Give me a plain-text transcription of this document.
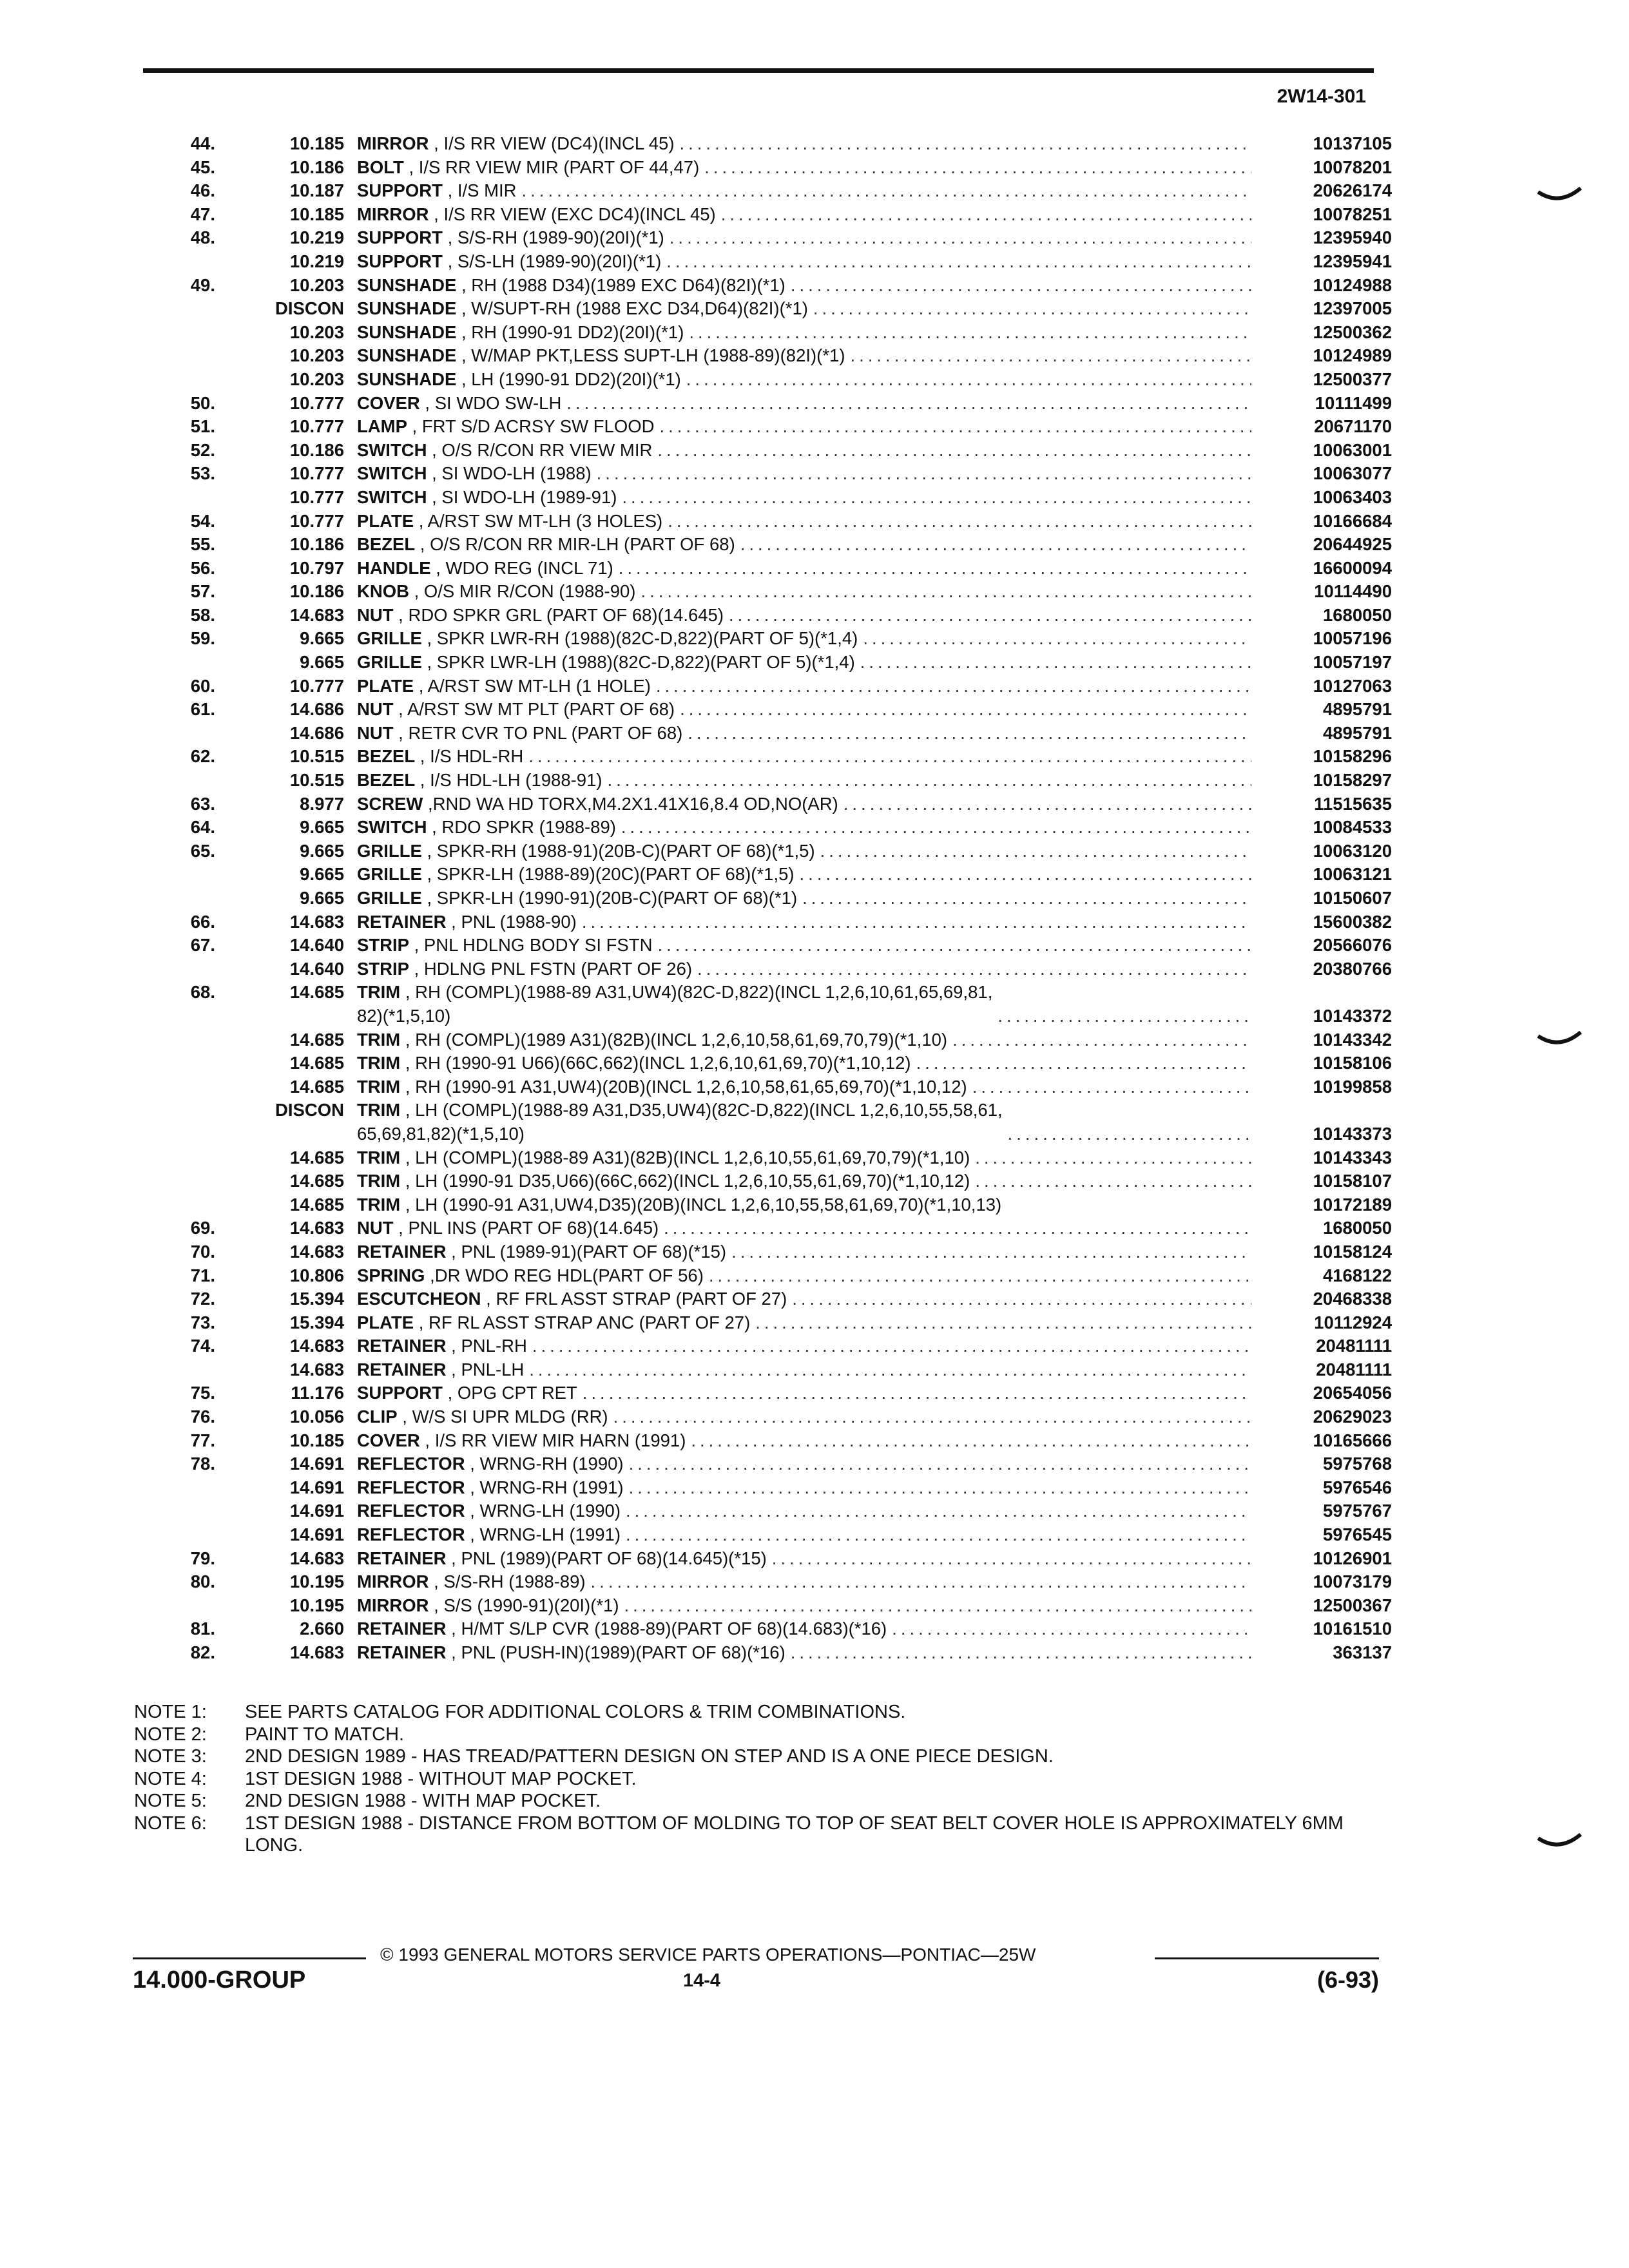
2W14-301
44.	10.185 MIRROR , I/S RR VIEW (DC4)(INCL 45) .....	10137105
45.	10.186 BOLT , I/S RR VIEW MIR (PART OF 44,47) .....	10078201
46.	10.187 SUPPORT , I/S MIR .....	20626174
47.	10.185 MIRROR , I/S RR VIEW (EXC DC4)(INCL 45) .....	10078251
48.	10.219 SUPPORT , S/S-RH (1989-90)(20I)(*1) .....	12395940
10.219 SUPPORT , S/S-LH (1989-90)(20I)(*1) .....	12395941
49.	10.203 SUNSHADE , RH (1988 D34)(1989 EXC D64)(82I)(*1) .....	10124988
DISCON SUNSHADE , W/SUPT-RH (1988 EXC D34,D64)(82I)(*1) .....	12397005
10.203 SUNSHADE , RH (1990-91 DD2)(20I)(*1) .....	12500362
10.203 SUNSHADE , W/MAP PKT,LESS SUPT-LH (1988-89)(82I)(*1) .....	10124989
10.203 SUNSHADE , LH (1990-91 DD2)(20I)(*1) .....	12500377
50.	10.777 COVER , SI WDO SW-LH .....	10111499
51.	10.777 LAMP , FRT S/D ACRSY SW FLOOD .....	20671170
52.	10.186 SWITCH , O/S R/CON RR VIEW MIR .....	10063001
53.	10.777 SWITCH , SI WDO-LH (1988) .....	10063077
10.777 SWITCH , SI WDO-LH (1989-91) .....	10063403
54.	10.777 PLATE , A/RST SW MT-LH (3 HOLES) .....	10166684
55.	10.186 BEZEL , O/S R/CON RR MIR-LH (PART OF 68) .....	20644925
56.	10.797 HANDLE , WDO REG (INCL 71) .....	16600094
57.	10.186 KNOB , O/S MIR R/CON (1988-90) .....	10114490
58.	14.683 NUT , RDO SPKR GRL (PART OF 68)(14.645) .....	1680050
59.	9.665 GRILLE , SPKR LWR-RH (1988)(82C-D,822)(PART OF 5)(*1,4) .....	10057196
9.665 GRILLE , SPKR LWR-LH (1988)(82C-D,822)(PART OF 5)(*1,4) .....	10057197
60.	10.777 PLATE , A/RST SW MT-LH (1 HOLE) .....	10127063
61.	14.686 NUT , A/RST SW MT PLT (PART OF 68) .....	4895791
14.686 NUT , RETR CVR TO PNL (PART OF 68) .....	4895791
62.	10.515 BEZEL , I/S HDL-RH .....	10158296
10.515 BEZEL , I/S HDL-LH (1988-91) .....	10158297
63.	8.977 SCREW ,RND WA HD TORX,M4.2X1.41X16,8.4 OD,NO(AR) .....	11515635
64.	9.665 SWITCH , RDO SPKR (1988-89) .....	10084533
65.	9.665 GRILLE , SPKR-RH (1988-91)(20B-C)(PART OF 68)(*1,5) .....	10063120
9.665 GRILLE , SPKR-LH (1988-89)(20C)(PART OF 68)(*1,5) .....	10063121
9.665 GRILLE , SPKR-LH (1990-91)(20B-C)(PART OF 68)(*1) .....	10150607
66.	14.683 RETAINER , PNL (1988-90) .....	15600382
67.	14.640 STRIP , PNL HDLNG BODY SI FSTN .....	20566076
14.640 STRIP , HDLNG PNL FSTN (PART OF 26) .....	20380766
68.	14.685 TRIM , RH (COMPL)(1988-89 A31,UW4)(82C-D,822)(INCL 1,2,6,10,61,65,69,81,
82)(*1,5,10) .....	10143372
14.685 TRIM , RH (COMPL)(1989 A31)(82B)(INCL 1,2,6,10,58,61,69,70,79)(*1,10) .....	10143342
14.685 TRIM , RH (1990-91 U66)(66C,662)(INCL 1,2,6,10,61,69,70)(*1,10,12) .....	10158106
14.685 TRIM , RH (1990-91 A31,UW4)(20B)(INCL 1,2,6,10,58,61,65,69,70)(*1,10,12) .....	10199858
DISCON TRIM , LH (COMPL)(1988-89 A31,D35,UW4)(82C-D,822)(INCL 1,2,6,10,55,58,61,
65,69,81,82)(*1,5,10) .....	10143373
14.685 TRIM , LH (COMPL)(1988-89 A31)(82B)(INCL 1,2,6,10,55,61,69,70,79)(*1,10) .....	10143343
14.685 TRIM , LH (1990-91 D35,U66)(66C,662)(INCL 1,2,6,10,55,61,69,70)(*1,10,12) .....	10158107
14.685 TRIM , LH (1990-91 A31,UW4,D35)(20B)(INCL 1,2,6,10,55,58,61,69,70)(*1,10,13)	10172189
69.	14.683 NUT , PNL INS (PART OF 68)(14.645) .....	1680050
70.	14.683 RETAINER , PNL (1989-91)(PART OF 68)(*15) .....	10158124
71.	10.806 SPRING ,DR WDO REG HDL(PART OF 56) .....	4168122
72.	15.394 ESCUTCHEON , RF FRL ASST STRAP (PART OF 27) .....	20468338
73.	15.394 PLATE , RF RL ASST STRAP ANC (PART OF 27) .....	10112924
74.	14.683 RETAINER , PNL-RH .....	20481111
14.683 RETAINER , PNL-LH .....	20481111
75.	11.176 SUPPORT , OPG CPT RET .....	20654056
76.	10.056 CLIP , W/S SI UPR MLDG (RR) .....	20629023
77.	10.185 COVER , I/S RR VIEW MIR HARN (1991) .....	10165666
78.	14.691 REFLECTOR , WRNG-RH (1990) .....	5975768
14.691 REFLECTOR , WRNG-RH (1991) .....	5976546
14.691 REFLECTOR , WRNG-LH (1990) .....	5975767
14.691 REFLECTOR , WRNG-LH (1991) .....	5976545
79.	14.683 RETAINER , PNL (1989)(PART OF 68)(14.645)(*15) .....	10126901
80.	10.195 MIRROR , S/S-RH (1988-89) .....	10073179
10.195 MIRROR , S/S (1990-91)(20I)(*1) .....	12500367
81.	2.660 RETAINER , H/MT S/LP CVR (1988-89)(PART OF 68)(14.683)(*16) .....	10161510
82.	14.683 RETAINER , PNL (PUSH-IN)(1989)(PART OF 68)(*16) .....	363137
NOTE 1:	SEE PARTS CATALOG FOR ADDITIONAL COLORS & TRIM COMBINATIONS.
NOTE 2:	PAINT TO MATCH.
NOTE 3:	2ND DESIGN 1989 - HAS TREAD/PATTERN DESIGN ON STEP AND IS A ONE PIECE DESIGN.
NOTE 4:	1ST DESIGN 1988 - WITHOUT MAP POCKET.
NOTE 5:	2ND DESIGN 1988 - WITH MAP POCKET.
NOTE 6:	1ST DESIGN 1988 - DISTANCE FROM BOTTOM OF MOLDING TO TOP OF SEAT BELT COVER HOLE IS APPROXIMATELY 6MM LONG.
© 1993 GENERAL MOTORS SERVICE PARTS OPERATIONS—PONTIAC—25W
14.000-GROUP	14-4	(6-93)
